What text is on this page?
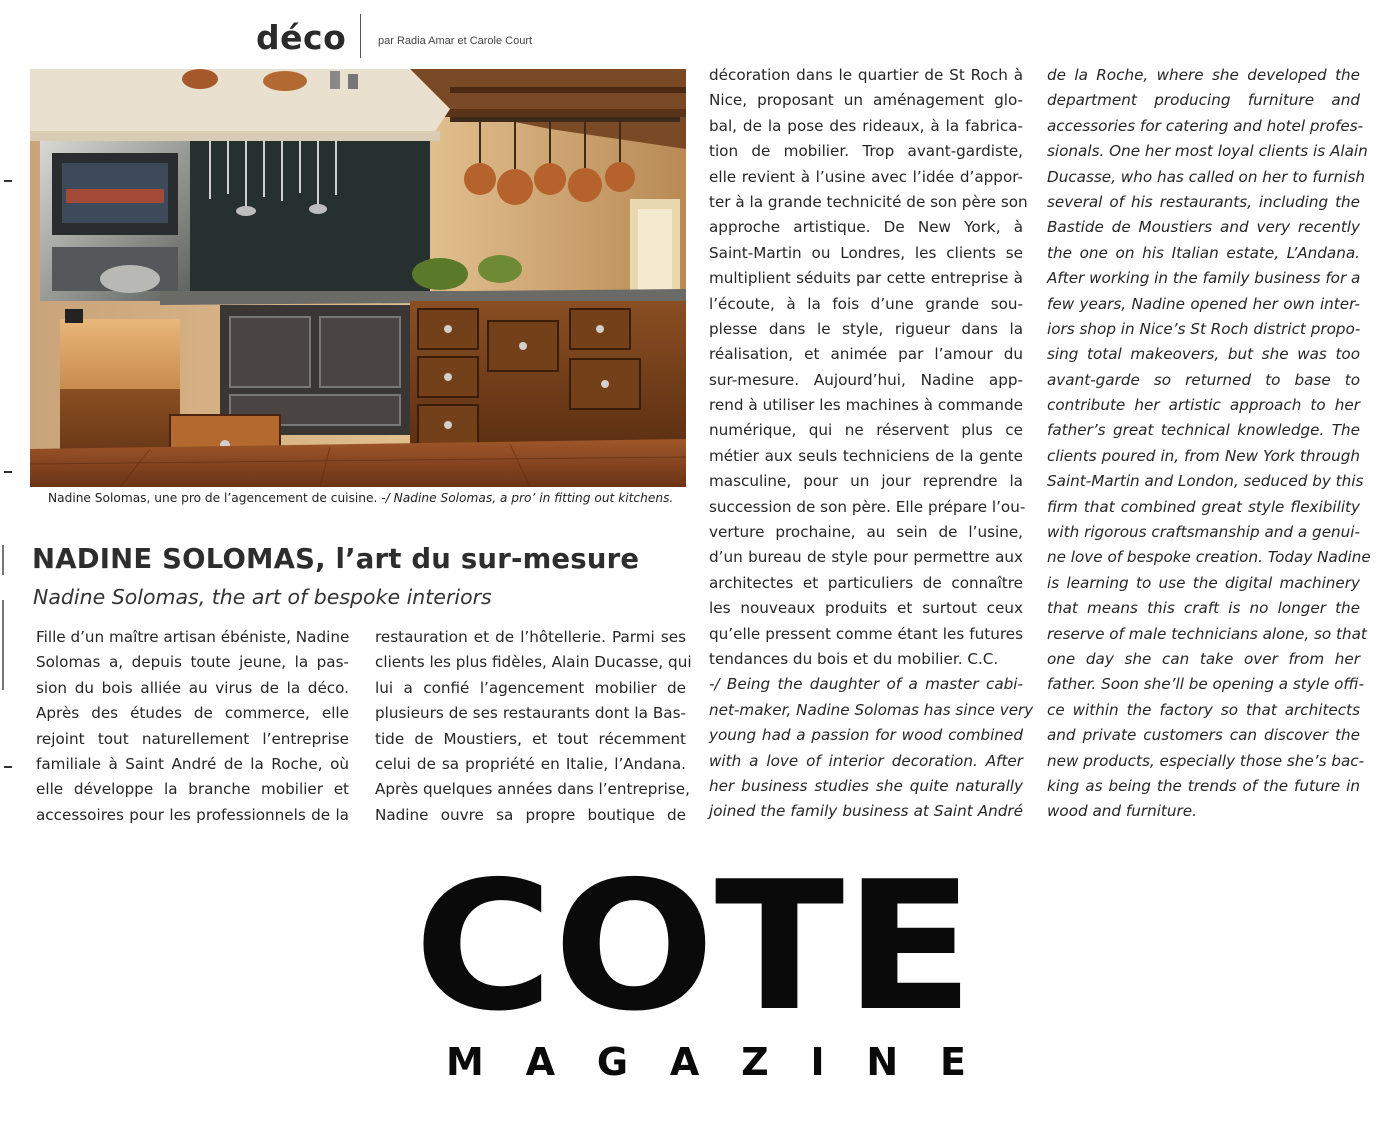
déco	par Radia Amar et Carole Court
Nadine Solomas, une pro de l’agencement de cuisine. -/ Nadine Solomas, a pro’ in fitting out kitchens.
NADINE SOLOMAS, l’art du sur-mesure
Nadine Solomas, the art of bespoke interiors
Fille d’un maître artisan ébéniste, Nadine
Solomas a, depuis toute jeune, la pas-
sion du bois alliée au virus de la déco.
Après des études de commerce, elle
rejoint tout naturellement l’entreprise
familiale à Saint André de la Roche, où
elle développe la branche mobilier et
accessoires pour les professionnels de la
restauration et de l’hôtellerie. Parmi ses
clients les plus fidèles, Alain Ducasse, qui
lui a confié l’agencement mobilier de
plusieurs de ses restaurants dont la Bas-
tide de Moustiers, et tout récemment
celui de sa propriété en Italie, l’Andana.
Après quelques années dans l’entreprise,
Nadine ouvre sa propre boutique de
décoration dans le quartier de St Roch à
Nice, proposant un aménagement glo-
bal, de la pose des rideaux, à la fabrica-
tion de mobilier. Trop avant-gardiste,
elle revient à l’usine avec l’idée d’appor-
ter à la grande technicité de son père son
approche artistique. De New York, à
Saint-Martin ou Londres, les clients se
multiplient séduits par cette entreprise à
l’écoute, à la fois d’une grande sou-
plesse dans le style, rigueur dans la
réalisation, et animée par l’amour du
sur-mesure. Aujourd’hui, Nadine app-
rend à utiliser les machines à commande
numérique, qui ne réservent plus ce
métier aux seuls techniciens de la gente
masculine, pour un jour reprendre la
succession de son père. Elle prépare l’ou-
verture prochaine, au sein de l’usine,
d’un bureau de style pour permettre aux
architectes et particuliers de connaître
les nouveaux produits et surtout ceux
qu’elle pressent comme étant les futures
tendances du bois et du mobilier. C.C.
-/ Being the daughter of a master cabi-
net-maker, Nadine Solomas has since very
young had a passion for wood combined
with a love of interior decoration. After
her business studies she quite naturally
joined the family business at Saint André
de la Roche, where she developed the
department producing furniture and
accessories for catering and hotel profes-
sionals. One her most loyal clients is Alain
Ducasse, who has called on her to furnish
several of his restaurants, including the
Bastide de Moustiers and very recently
the one on his Italian estate, L’Andana.
After working in the family business for a
few years, Nadine opened her own inter-
iors shop in Nice’s St Roch district propo-
sing total makeovers, but she was too
avant-garde so returned to base to
contribute her artistic approach to her
father’s great technical knowledge. The
clients poured in, from New York through
Saint-Martin and London, seduced by this
firm that combined great style flexibility
with rigorous craftsmanship and a genui-
ne love of bespoke creation. Today Nadine
is learning to use the digital machinery
that means this craft is no longer the
reserve of male technicians alone, so that
one day she can take over from her
father. Soon she’ll be opening a style offi-
ce within the factory so that architects
and private customers can discover the
new products, especially those she’s bac-
king as being the trends of the future in
wood and furniture.
COTE
MAGAZINE
